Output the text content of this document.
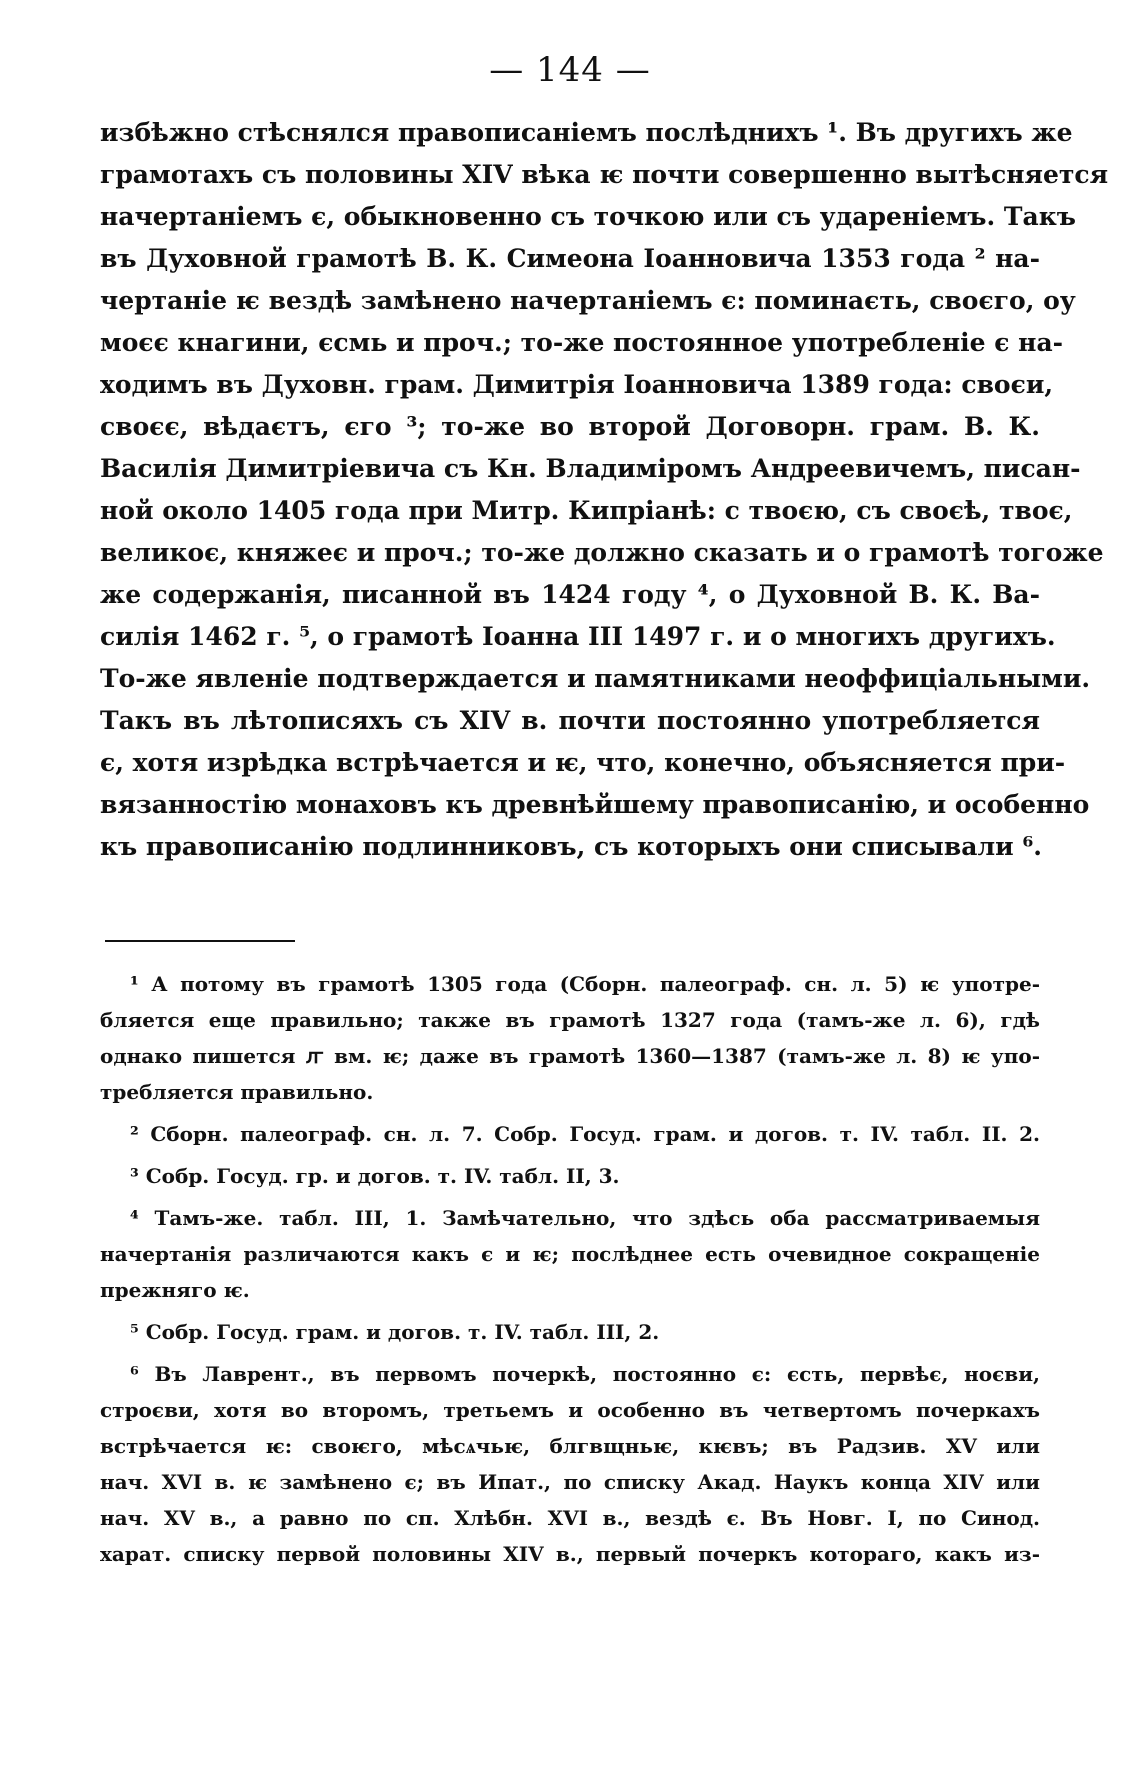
— 144 —
избѣжно стѣснялся правописаніемъ послѣднихъ ¹. Въ другихъ же
грамотахъ съ половины XIV вѣка ѥ почти совершенно вытѣсняется
начертаніемъ є, обыкновенно съ точкою или съ удареніемъ. Такъ
въ Духовной грамотѣ В. К. Симеона Іоанновича 1353 года ² на-
чертаніе ѥ вездѣ замѣнено начертаніемъ є: поминаєть, своєго, оу
моєє кнагини, єсмь и проч.; то-же постоянное употребленіе є на-
ходимъ въ Духовн. грам. Димитрія Іоанновича 1389 года: своєи,
своєє, вѣдаєтъ, єго ³; то-же во второй Договорн. грам. В. К.
Василія Димитріевича съ Кн. Владиміромъ Андреевичемъ, писан-
ной около 1405 года при Митр. Кипріанѣ: с твоєю, съ своєѣ, твоє,
великоє, княжеє и проч.; то-же должно сказать и о грамотѣ тогоже
же содержанія, писанной въ 1424 году ⁴, о Духовной В. К. Ва-
силія 1462 г. ⁵, о грамотѣ Іоанна III 1497 г. и о многихъ другихъ.
То-же явленіе подтверждается и памятниками неоффиціальными.
Такъ въ лѣтописяхъ съ XIV в. почти постоянно употребляется
є, хотя изрѣдка встрѣчается и ѥ, что, конечно, объясняется при-
вязанностію монаховъ къ древнѣйшему правописанію, и особенно
къ правописанію подлинниковъ, съ которыхъ они списывали ⁶.
¹ А потому въ грамотѣ 1305 года (Сборн. палеограф. сн. л. 5) ѥ употре-
бляется еще правильно; также въ грамотѣ 1327 года (тамъ-же л. 6), гдѣ
однако пишется ꙥ вм. ѥ; даже въ грамотѣ 1360—1387 (тамъ-же л. 8) ѥ упо-
требляется правильно.
² Сборн. палеограф. сн. л. 7. Собр. Госуд. грам. и догов. т. IV. табл. II. 2.
³ Собр. Госуд. гр. и догов. т. IV. табл. II, 3.
⁴ Тамъ-же. табл. III, 1. Замѣчательно, что здѣсь оба рассматриваемыя
начертанія различаются какъ є и ѥ; послѣднее есть очевидное сокращеніе
прежняго ѥ.
⁵ Собр. Госуд. грам. и догов. т. IV. табл. III, 2.
⁶ Въ Лаврент., въ первомъ почеркѣ, постоянно є: єсть, первѣє, ноєви,
строєви, хотя во второмъ, третьемъ и особенно въ четвертомъ почеркахъ
встрѣчается ѥ: своѥго, мѣсѧчьѥ, блгвщньѥ, кѥвъ; въ Радзив. XV или
нач. XVI в. ѥ замѣнено є; въ Ипат., по списку Акад. Наукъ конца XIV или
нач. XV в., а равно по сп. Хлѣбн. XVI в., вездѣ є. Въ Новг. I, по Синод.
харат. списку первой половины XIV в., первый почеркъ котораго, какъ из-
